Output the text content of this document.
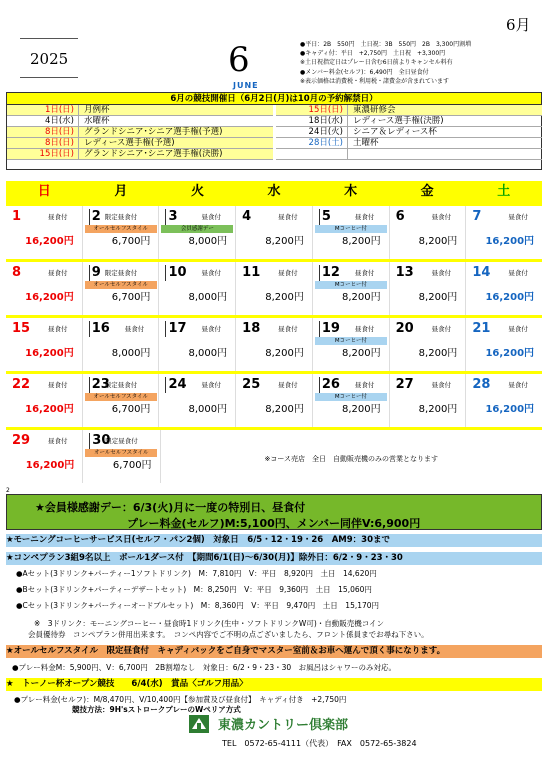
6月
2025	6
JUNE
●平日：2B　550円　土日祝：3B　550円　2B　3,300円割増
●キャディ付：平日　+2,750円　土日祝　+3,300円
※土日祝指定日はプレー日含む6日前よりキャンセル料有
●メンバー料金(セルフ)：6,490円　全日昼食付
※表示価格は消費税・利用税・諸費金が含まれています
6月の競技開催日（6月2日(月)は10月の予約解禁日）
1日(日)	月例杯
4日(水)	水曜杯
8日(日)	グランドシニア･シニア選手権(予選)
8日(日)	レディース選手権(予選)
15日(日)	グランドシニア･シニア選手権(決勝)
15日(日)	東濃研修会
18日(水)	レディース選手権(決勝)
24日(火)	シニア＆レディース杯
28日(土)	土曜杯
日	月	火	水	木	金	土
1	昼食付
16,200円
2 限定昼食付
オールセルフスタイル
6,700円
3	昼食付
会員感謝デー
8,000円
4	昼食付
8,200円
5	昼食付
Mコーヒー付
8,200円
6	昼食付
8,200円
7	昼食付
16,200円
8	昼食付
16,200円
9 限定昼食付
オールセルフスタイル
6,700円
10 昼食付
8,000円
11	昼食付
8,200円
12 昼食付
Mコーヒー付
8,200円
13	昼食付
8,200円
14	昼食付
16,200円
15	昼食付
16,200円
16 昼食付
8,000円
17 昼食付
8,000円
18	昼食付
8,200円
19 昼食付
Mコーヒー付
8,200円
20	昼食付
8,200円
21	昼食付
16,200円
22	昼食付
16,200円
23
限定昼食付
オールセルフスタイル
6,700円
24 昼食付
8,000円
25	昼食付
8,200円
26 昼食付
Mコーヒー付
8,200円
27	昼食付
8,200円
28	昼食付
16,200円
29	昼食付
16,200円
30
限定昼食付
オールセルフスタイル
6,700円
※コース売店　全日　自動販売機のみの営業となります
2
★会員様感謝デー：6/3(火)月に一度の特別日、昼食付
プレー料金(セルフ)M:5,100円、メンバー同伴V:6,900円
★モーニングコーヒーサービス日(セルフ・パン2個)　対象日　6/5・12・19・26　AM9：30まで
★コンペプラン3組9名以上　ボール1ダース付　【期間6/1(日)～6/30(月)】除外日：6/2・9・23・30
●Aセット(3ドリンク+パーティー1ソフトドリンク)　M：7,810円　V：平日　8,920円　土日　14,620円
●Bセット(3ドリンク+パーティーデザートセット)　M：8,250円　V：平日　9,360円　土日　15,060円
●Cセット(3ドリンク+パーティーオードブルセット)　M：8,360円　V：平日　9,470円　土日　15,170円
※　3ドリンク：モーニングコーヒー・昼食時1ドリンク(生中・ソフトドリンクW可)・自動販売機コイン
会員優待券　コンペプラン併用出来ます。　コンペ内容でご不明の点ございましたら、フロント係員までお尋ね下さい。
★オールセルフスタイル　限定昼食付　キャディバックをご自身でマスター室前＆お車へ運んで頂く事になります。
●プレー料金M：5,900円、V：6,700円　2B割増なし　対象日：6/2・9・23・30　お風呂はシャワーのみ対応。
★　トーノー杯オープン競技　　6/4(水)　賞品〈ゴルフ用品〉
●プレー料金(セルフ)：M/8,470円、V/10,400円【参加賞及び昼食付】　キャディ付き　+2,750円
競技方法：9H'sストロークプレーのWペリア方式
東濃カントリー倶楽部
TEL　0572-65-4111（代表）　FAX　0572-65-3824
